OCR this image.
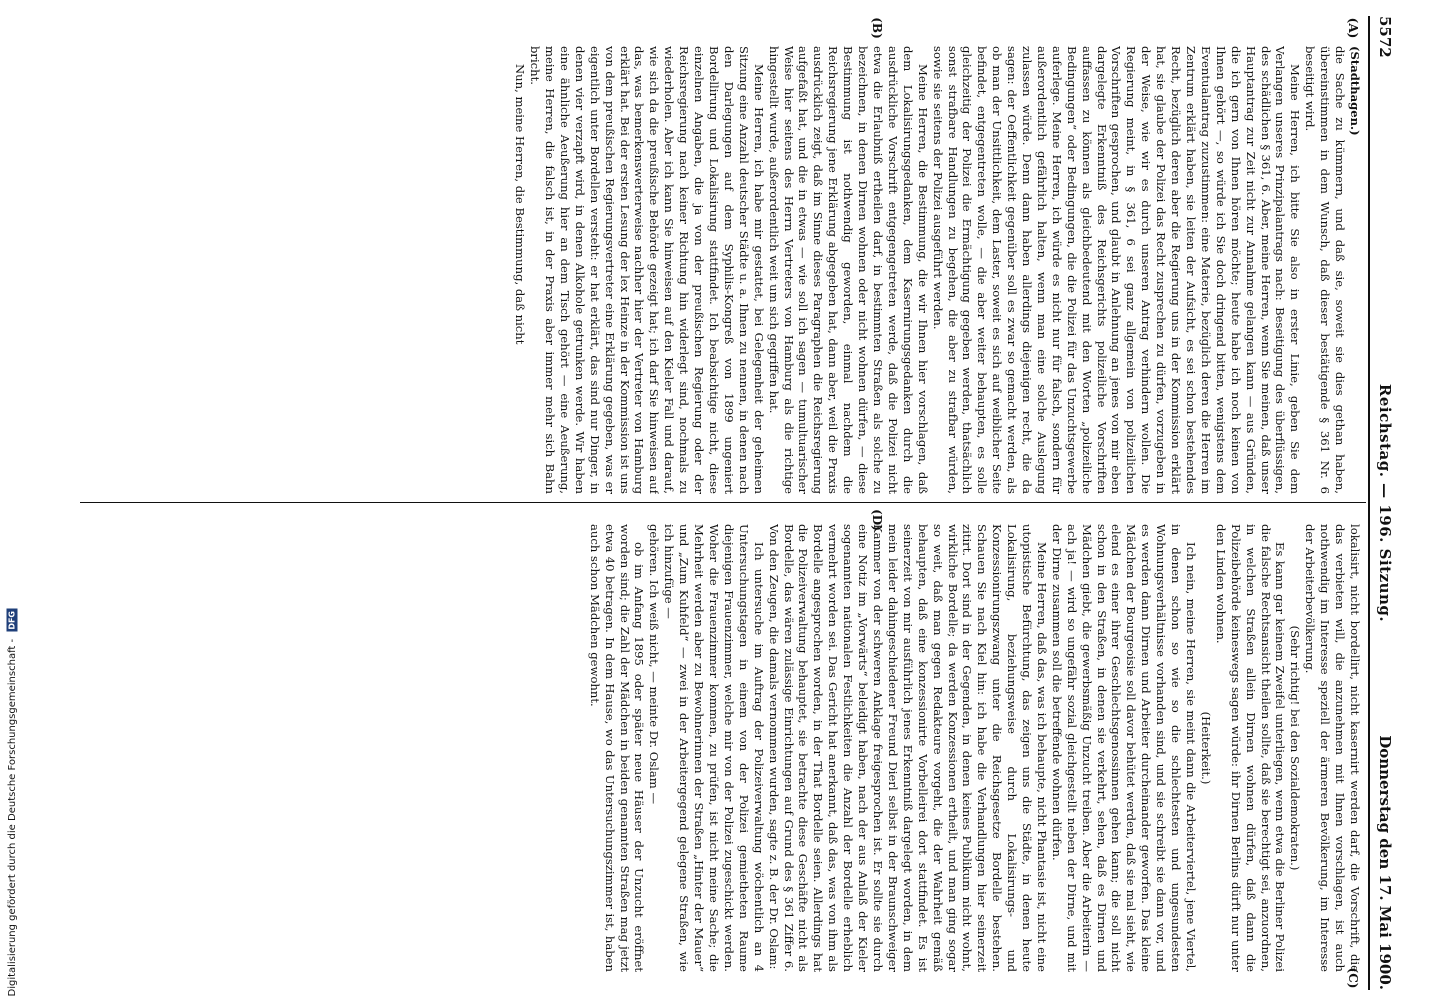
5572
Reichstag. — 196. Sitzung.
Donnerstag den 17. Mai 1900.
(A)
(B)
(C)
(D)

(Stadthagen.)

die Sache zu kümmern, und daß sie, soweit sie dies gethan haben, übereinstimmen in dem Wunsch, daß dieser bestätigende § 361 Nr. 6 beseitigt wird.

Meine Herren, ich bitte Sie also in erster Linie, geben Sie dem Verlangen unseres Prinzipalantrags nach: Beseitigung des überflüssigen, des schädlichen § 361, 6. Aber, meine Herren, wenn Sie meinen, daß unser Hauptantrag zur Zeit nicht zur Annahme gelangen kann — aus Gründen, die ich gern von Ihnen hören möchte; heute habe ich noch keinen von Ihnen gehört —, so würde ich Sie doch dringend bitten, wenigstens dem Eventualantrag zuzustimmen: eine Materie, bezüglich deren die Herren im Zentrum erklärt haben, sie leiten der Aufsicht, es sei schon bestehendes Recht, bezüglich deren aber die Regierung uns in der Kommission erklärt hat, sie glaube der Polizei das Recht zusprechen zu dürfen, vorzugeben in der Weise, wie wir es durch unseren Antrag verhindern wollen. Die Regierung meint, in § 361, 6 sei ganz allgemein von polizeilichen Vorschriften gesprochen, und glaubt in Anlehnung an jenes von mir eben dargelegte Erkenntniß des Reichsgerichts polizeiliche Vorschriften auffassen zu können als gleichbedeutend mit den Worten „polizeiliche Bedingungen“ oder Bedingungen, die die Polizei für das Unzuchtsgewerbe auferlege. Meine Herren, ich würde es nicht nur für falsch, sondern für außerordentlich gefährlich halten, wenn man eine solche Auslegung zulassen würde. Denn dann haben allerdings diejenigen recht, die da sagen: der Oeffentlichkeit gegenüber soll es zwar so gemacht werden, als ob man der Unsittlichkeit, dem Laster, soweit es sich auf weiblicher Seite befindet, entgegentreten wolle, — die aber weiter behaupten, es solle gleichzeitig der Polizei die Ermächtigung gegeben werden, thatsächlich sonst strafbare Handlungen zu begehen, die aber zu strafbar würden, sowie sie seitens der Polizei ausgeführt werden.

Meine Herren, die Bestimmung, die wir Ihnen hier vorschlagen, daß dem Lokalisirungsgedanken, dem Kasernirungsgedanken durch die ausdrückliche Vorschrift entgegengetreten werde, daß die Polizei nicht etwa die Erlaubniß ertheilen darf, in bestimmten Straßen als solche zu bezeichnen, in denen Dirnen wohnen oder nicht wohnen dürfen, — diese Bestimmung ist nothwendig geworden, einmal nachdem die Reichsregierung jene Erklärung abgegeben hat, dann aber, weil die Praxis ausdrücklich zeigt, daß im Sinne dieses Paragraphen die Reichsregierung aufgefaßt hat, und die in etwas — wie soll ich sagen — tumultuarischer Weise hier seitens des Herrn Vertreters von Hamburg als die richtige hingestellt wurde, außerordentlich weit um sich gegriffen hat.

Meine Herren, ich habe mir gestattet, bei Gelegenheit der geheimen Sitzung eine Anzahl deutscher Städte u. a. Ihnen zu nennen, in denen nach den Darlegungen auf dem Syphilis-Kongreß von 1899 ungeniert Bordellirung und Lokalisirung stattfindet. Ich beabsichtige nicht, diese einzelnen Angaben, die ja von der preußischen Regierung oder der Reichsregierung nach keiner Richtung hin widerlegt sind, nochmals zu wiederholen. Aber ich kann Sie hinweisen auf den Kieler Fall und darauf, wie sich da die preußische Behörde gezeigt hat; ich darf Sie hinweisen auf das, was bemerkenswerterweise nachher hier der Vertreter von Hamburg erklärt hat. Bei der ersten Lesung der lex Heinze in der Kommission ist uns von dem preußischen Regierungsvertreter eine Erklärung gegeben, was er eigentlich unter Bordellen versteht: er hat erklärt, das sind nur Dinger, in denen vier verzapft wird, in denen Alkohole getrunken werde. Wir haben eine ähnliche Aeußerung hier an dem Tisch gehört — eine Aeußerung, meine Herren, die falsch ist, in der Praxis aber immer mehr sich Bahn bricht.

Nun, meine Herren, die Bestimmung, daß nicht

lokalisirt, nicht bordellirt, nicht kasernirt werden darf, die Vorschrift, die das verbieten will, die anzunehmen mit Ihnen vorschlagen, ist auch nothwendig im Interesse speziell der ärmeren Bevölkerung, im Interesse der Arbeiterbevölkerung.

(Sehr richtig! bei den Sozialdemokraten.)

Es kann gar keinem Zweifel unterliegen, wenn etwa die Berliner Polizei die falsche Rechtsansicht theilen sollte, daß sie berechtigt sei, anzuordnen, in welchen Straßen allein Dirnen wohnen dürfen, daß dann die Polizeibehörde keineswegs sagen würde: ihr Dirnen Berlins dürft nur unter den Linden wohnen.

(Heiterkeit.)

Ich nein, meine Herren, sie meint dann die Arbeiterviertel, jene Viertel, in denen schon so wie so die schlechtesten und ungesundesten Wohnungsverhältnisse vorhanden sind, und sie schreibt sie dann vor, und es werden dann Dirnen und Arbeiter durcheinander geworfen. Das kleine Mädchen der Bourgeoisie soll davor behütet werden, daß sie mal sieht, wie elend es einer ihrer Geschlechtsgenossinnen gehen kann; die soll nicht schon in den Straßen, in denen sie verkehrt, sehen, daß es Dirnen und Mädchen giebt, die gewerbsmäßig Unzucht treiben. Aber die Arbeiterin — ach ja! — wird so ungefähr sozial gleichgestellt neben der Dirne, und mit der Dirne zusammen soll die betreffende wohnen dürfen.

Meine Herren, daß das, was ich behaupte, nicht Phantasie ist, nicht eine utopistische Befürchtung, das zeigen uns die Städte, in denen heute Lokalisirung, beziehungsweise durch Lokalisirungs- und Konzessionirungszwang unter die Reichsgesetze Bordelle bestehen. Schauen Sie nach Kiel hin: ich habe die Verhandlungen hier seinerzeit zitirt. Dort sind in der Gegenden, in denen keines Publikum nicht wohnt, wirkliche Bordelle; da werden Konzessionen ertheilt, und man ging sogar so weit, daß man gegen Redakteure vorgeht, die der Wahrheit gemäß behaupten, daß eine konzessionirte Vorbelleirei dort stattfindet. Es ist seinerzeit von mir ausführlich jenes Erkenntniß dargelegt worden, in dem mein leider dahingeschiedener Freund Dierl selbst in der Braunschweiger Kammer von der schweren Anklage freigesprochen ist. Er sollte sie durch eine Notiz im „Vorwärts“ beleidigt haben, nach der aus Anlaß der Kieler sogenannten nationalen Festlichkeiten die Anzahl der Bordelle erheblich vermehrt worden sei. Das Gericht hat anerkannt, daß das, was von ihm als Bordelle angesprochen worden, in der That Bordelle seien. Allerdings hat die Polizeiverwaltung behauptet, sie betrachte diese Geschäfte nicht als Bordelle, das wären zulässige Einrichtungen auf Grund des § 361 Ziffer 6. Von den Zeugen, die damals vernommen wurden, sagte z. B. der Dr. Oslam:

Ich untersuche im Auftrag der Polizeiverwaltung wöchentlich an 4 Untersuchungstagen in einem von der Polizei gemietheten Raume diejenigen Frauenzimmer, welche mir von der Polizei zugeschickt werden. Woher die Frauenzimmer kommen, zu prüfen, ist nicht meine Sache; die Mehrheit werden aber zu Bewohnerinnen der Straßen „Hinter der Mauer“ und „Zum Kuhfeld“ — zwei in der Arbeitergegend gelegene Straßen, wie ich hinzufüge —

gehören. Ich weiß nicht, — meinte Dr. Oslam —

ob im Anfang 1895 oder später neue Häuser der Unzucht eröffnet worden sind; die Zahl der Mädchen in beiden genannten Straßen mag jetzt etwa 40 betragen. In dem Hause, wo das Untersuchungszimmer ist, haben auch schon Mädchen gewohnt.

Digitalisierung gefördert durch die Deutsche Forschungsgemeinschaft - DFG
